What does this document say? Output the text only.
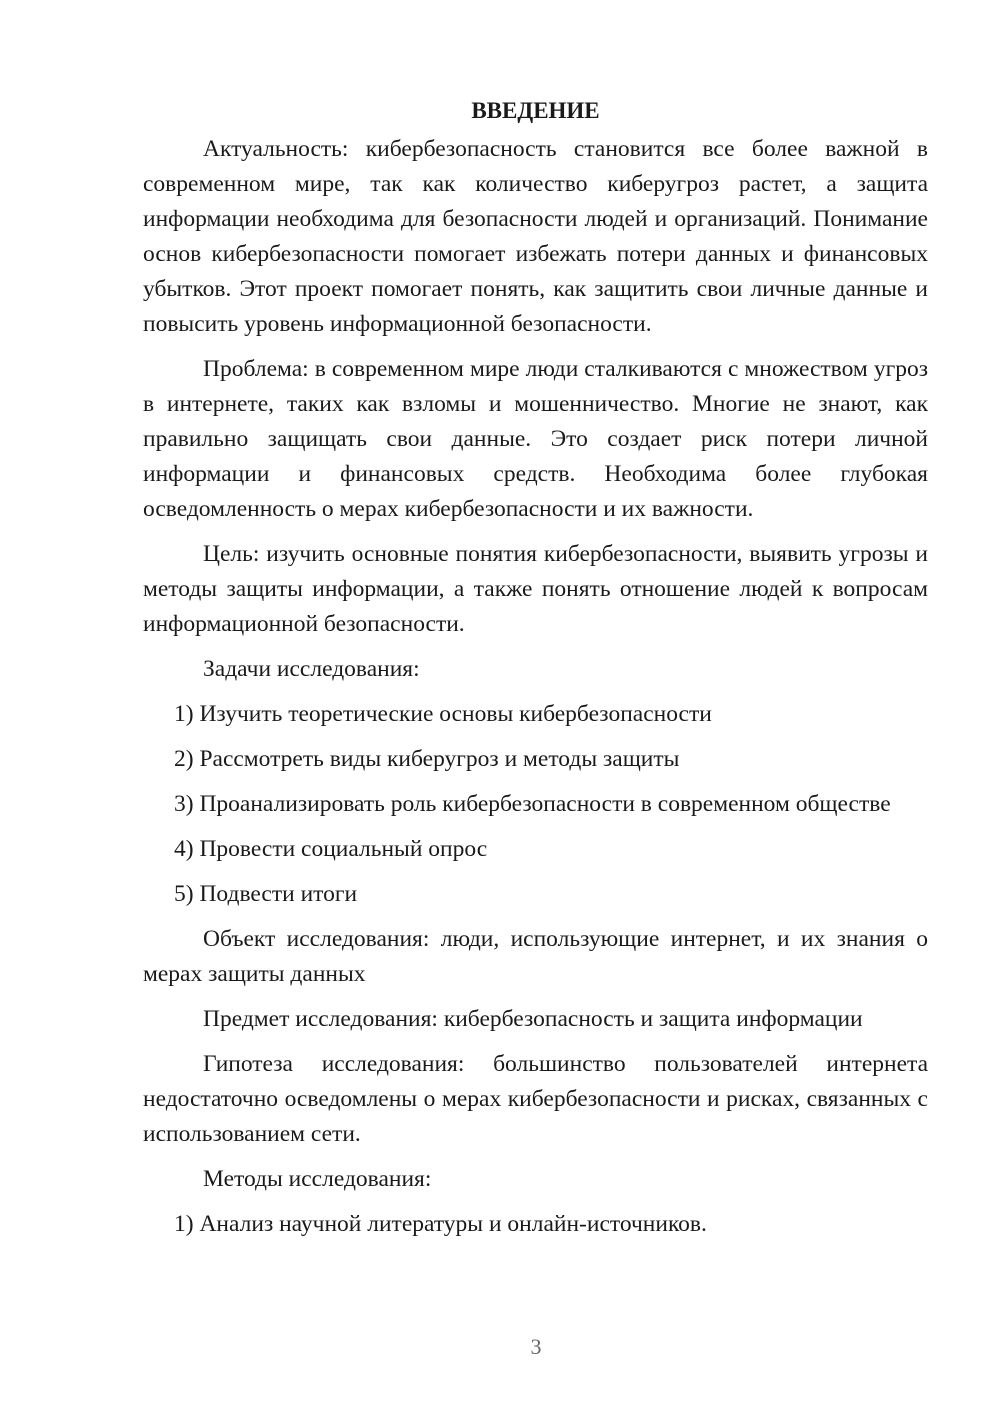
ВВЕДЕНИЕ

Актуальность: кибербезопасность становится все более важной в современном мире, так как количество киберугроз растет, а защита информации необходима для безопасности людей и организаций. Понимание основ кибербезопасности помогает избежать потери данных и финансовых убытков. Этот проект помогает понять, как защитить свои личные данные и повысить уровень информационной безопасности.

Проблема: в современном мире люди сталкиваются с множеством угроз в интернете, таких как взломы и мошенничество. Многие не знают, как правильно защищать свои данные. Это создает риск потери личной информации и финансовых средств. Необходима более глубокая осведомленность о мерах кибербезопасности и их важности.

Цель: изучить основные понятия кибербезопасности, выявить угрозы и методы защиты информации, а также понять отношение людей к вопросам информационной безопасности.

Задачи исследования:

1) Изучить теоретические основы кибербезопасности

2) Рассмотреть виды киберугроз и методы защиты

3) Проанализировать роль кибербезопасности в современном обществе

4) Провести социальный опрос

5) Подвести итоги

Объект исследования: люди, использующие интернет, и их знания о мерах защиты данных

Предмет исследования: кибербезопасность и защита информации

Гипотеза исследования: большинство пользователей интернета недостаточно осведомлены о мерах кибербезопасности и рисках, связанных с использованием сети.

Методы исследования:

1) Анализ научной литературы и онлайн-источников.

3
